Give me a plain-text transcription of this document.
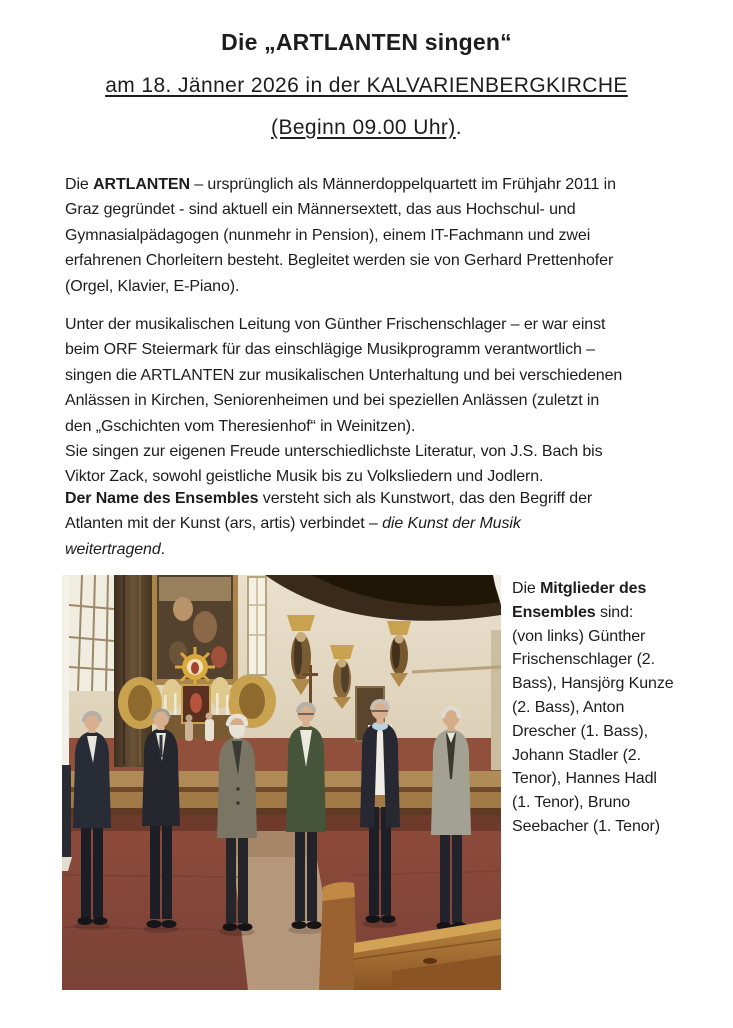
Die „ARTLANTEN singen“
am 18. Jänner 2026 in der KALVARIENBERGKIRCHE
(Beginn 09.00 Uhr).

Die ARTLANTEN – ursprünglich als Männerdoppelquartett im Frühjahr 2011 in
Graz gegründet - sind aktuell ein Männersextett, das aus Hochschul- und
Gymnasialpädagogen (nunmehr in Pension), einem IT-Fachmann und zwei
erfahrenen Chorleitern besteht. Begleitet werden sie von Gerhard Prettenhofer
(Orgel, Klavier, E-Piano).

Unter der musikalischen Leitung von Günther Frischenschlager – er war einst
beim ORF Steiermark für das einschlägige Musikprogramm verantwortlich –
singen die ARTLANTEN zur musikalischen Unterhaltung und bei verschiedenen
Anlässen in Kirchen, Seniorenheimen und bei speziellen Anlässen (zuletzt in
den „Gschichten vom Theresienhof“ in Weinitzen).
Sie singen zur eigenen Freude unterschiedlichste Literatur, von J.S. Bach bis
Viktor Zack, sowohl geistliche Musik bis zu Volksliedern und Jodlern.

Der Name des Ensembles versteht sich als Kunstwort, das den Begriff der
Atlanten mit der Kunst (ars, artis) verbindet – die Kunst der Musik
weitertragend.

Die Mitglieder des
Ensembles sind:
(von links) Günther
Frischenschlager (2.
Bass), Hansjörg Kunze
(2. Bass), Anton
Drescher (1. Bass),
Johann Stadler (2.
Tenor), Hannes Hadl
(1. Tenor), Bruno
Seebacher (1. Tenor)
